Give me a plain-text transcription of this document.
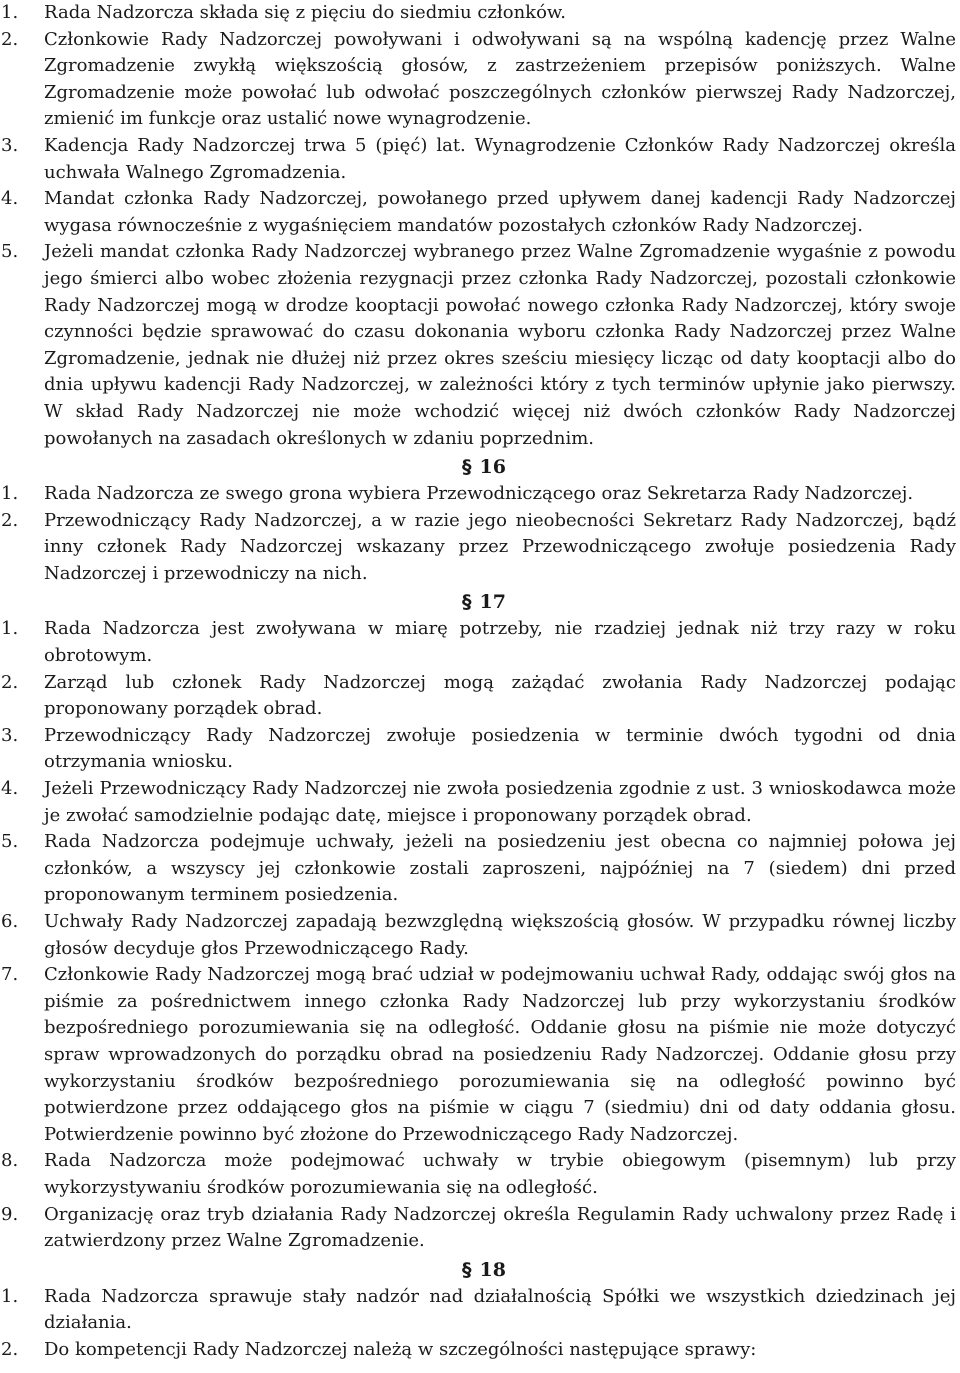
1.	Rada Nadzorcza składa się z pięciu do siedmiu członków.
2.	Członkowie Rady Nadzorczej powoływani i odwoływani są na wspólną kadencję przez Walne Zgromadzenie zwykłą większością głosów, z zastrzeżeniem przepisów poniższych. Walne Zgromadzenie może powołać lub odwołać poszczególnych członków pierwszej Rady Nadzorczej, zmienić im funkcje oraz ustalić nowe wynagrodzenie.
3.	Kadencja Rady Nadzorczej trwa 5 (pięć) lat. Wynagrodzenie Członków Rady Nadzorczej określa uchwała Walnego Zgromadzenia.
4.	Mandat członka Rady Nadzorczej, powołanego przed upływem danej kadencji Rady Nadzorczej wygasa równocześnie z wygaśnięciem mandatów pozostałych członków Rady Nadzorczej.
5.	Jeżeli mandat członka Rady Nadzorczej wybranego przez Walne Zgromadzenie wygaśnie z powodu jego śmierci albo wobec złożenia rezygnacji przez członka Rady Nadzorczej, pozostali członkowie Rady Nadzorczej mogą w drodze kooptacji powołać nowego członka Rady Nadzorczej, który swoje czynności będzie sprawować do czasu dokonania wyboru członka Rady Nadzorczej przez Walne Zgromadzenie, jednak nie dłużej niż przez okres sześciu miesięcy licząc od daty kooptacji albo do dnia upływu kadencji Rady Nadzorczej, w zależności który z tych terminów upłynie jako pierwszy. W skład Rady Nadzorczej nie może wchodzić więcej niż dwóch członków Rady Nadzorczej powołanych na zasadach określonych w zdaniu poprzednim.
§ 16
1.	Rada Nadzorcza ze swego grona wybiera Przewodniczącego oraz Sekretarza Rady Nadzorczej.
2.	Przewodniczący Rady Nadzorczej, a w razie jego nieobecności Sekretarz Rady Nadzorczej, bądź inny członek Rady Nadzorczej wskazany przez Przewodniczącego zwołuje posiedzenia Rady Nadzorczej i przewodniczy na nich.
§ 17
1.	Rada Nadzorcza jest zwoływana w miarę potrzeby, nie rzadziej jednak niż trzy razy w roku obrotowym.
2.	Zarząd lub członek Rady Nadzorczej mogą zażądać zwołania Rady Nadzorczej podając proponowany porządek obrad.
3.	Przewodniczący Rady Nadzorczej zwołuje posiedzenia w terminie dwóch tygodni od dnia otrzymania wniosku.
4.	Jeżeli Przewodniczący Rady Nadzorczej nie zwoła posiedzenia zgodnie z ust. 3 wnioskodawca może je zwołać samodzielnie podając datę, miejsce i proponowany porządek obrad.
5.	Rada Nadzorcza podejmuje uchwały, jeżeli na posiedzeniu jest obecna co najmniej połowa jej członków, a wszyscy jej członkowie zostali zaproszeni, najpóźniej na 7 (siedem) dni przed proponowanym terminem posiedzenia.
6.	Uchwały Rady Nadzorczej zapadają bezwzględną większością głosów. W przypadku równej liczby głosów decyduje głos Przewodniczącego Rady.
7.	Członkowie Rady Nadzorczej mogą brać udział w podejmowaniu uchwał Rady, oddając swój głos na piśmie za pośrednictwem innego członka Rady Nadzorczej lub przy wykorzystaniu środków bezpośredniego porozumiewania się na odległość. Oddanie głosu na piśmie nie może dotyczyć spraw wprowadzonych do porządku obrad na posiedzeniu Rady Nadzorczej. Oddanie głosu przy wykorzystaniu środków bezpośredniego porozumiewania się na odległość powinno być potwierdzone przez oddającego głos na piśmie w ciągu 7 (siedmiu) dni od daty oddania głosu. Potwierdzenie powinno być złożone do Przewodniczącego Rady Nadzorczej.
8.	Rada Nadzorcza może podejmować uchwały w trybie obiegowym (pisemnym) lub przy wykorzystywaniu środków porozumiewania się na odległość.
9.	Organizację oraz tryb działania Rady Nadzorczej określa Regulamin Rady uchwalony przez Radę i zatwierdzony przez Walne Zgromadzenie.
§ 18
1.	Rada Nadzorcza sprawuje stały nadzór nad działalnością Spółki we wszystkich dziedzinach jej działania.
2.	Do kompetencji Rady Nadzorczej należą w szczególności następujące sprawy:
